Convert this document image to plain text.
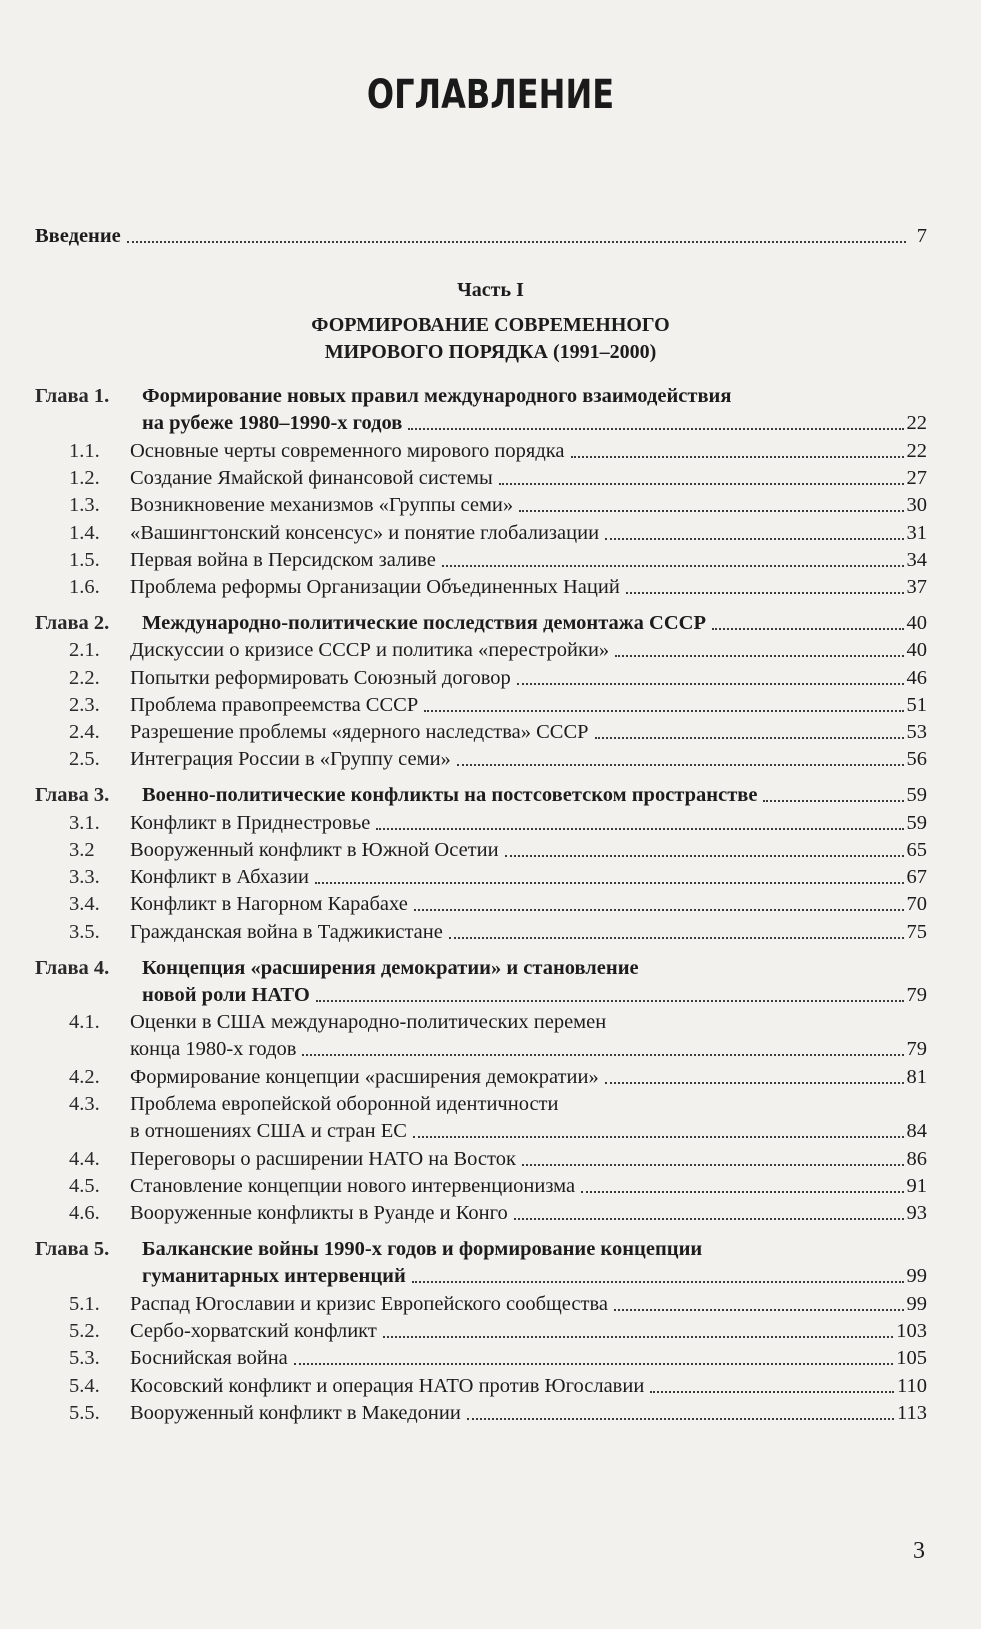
ОГЛАВЛЕНИЕ
Введение	7
Часть I
ФОРМИРОВАНИЕ СОВРЕМЕННОГО
МИРОВОГО ПОРЯДКА (1991–2000)
Глава 1.	Формирование новых правил международного взаимодействия
на рубеже 1980–1990-х годов	22
1.1.	Основные черты современного мирового порядка	22
1.2.	Создание Ямайской финансовой системы	27
1.3.	Возникновение механизмов «Группы семи»	30
1.4.	«Вашингтонский консенсус» и понятие глобализации	31
1.5.	Первая война в Персидском заливе	34
1.6.	Проблема реформы Организации Объединенных Наций	37
Глава 2.	Международно-политические последствия демонтажа СССР	40
2.1.	Дискуссии о кризисе СССР и политика «перестройки»	40
2.2.	Попытки реформировать Союзный договор	46
2.3.	Проблема правопреемства СССР	51
2.4.	Разрешение проблемы «ядерного наследства» СССР	53
2.5.	Интеграция России в «Группу семи»	56
Глава 3.	Военно-политические конфликты на постсоветском пространстве	59
3.1.	Конфликт в Приднестровье	59
3.2	Вооруженный конфликт в Южной Осетии	65
3.3.	Конфликт в Абхазии	67
3.4.	Конфликт в Нагорном Карабахе	70
3.5.	Гражданская война в Таджикистане	75
Глава 4.	Концепция «расширения демократии» и становление
новой роли НАТО	79
4.1.	Оценки в США международно-политических перемен
конца 1980-х годов	79
4.2.	Формирование концепции «расширения демократии»	81
4.3.	Проблема европейской оборонной идентичности
в отношениях США и стран ЕС	84
4.4.	Переговоры о расширении НАТО на Восток	86
4.5.	Становление концепции нового интервенционизма	91
4.6.	Вооруженные конфликты в Руанде и Конго	93
Глава 5.	Балканские войны 1990-х годов и формирование концепции
гуманитарных интервенций	99
5.1.	Распад Югославии и кризис Европейского сообщества	99
5.2.	Сербо-хорватский конфликт	103
5.3.	Боснийская война	105
5.4.	Косовский конфликт и операция НАТО против Югославии	110
5.5.	Вооруженный конфликт в Македонии	113
3
